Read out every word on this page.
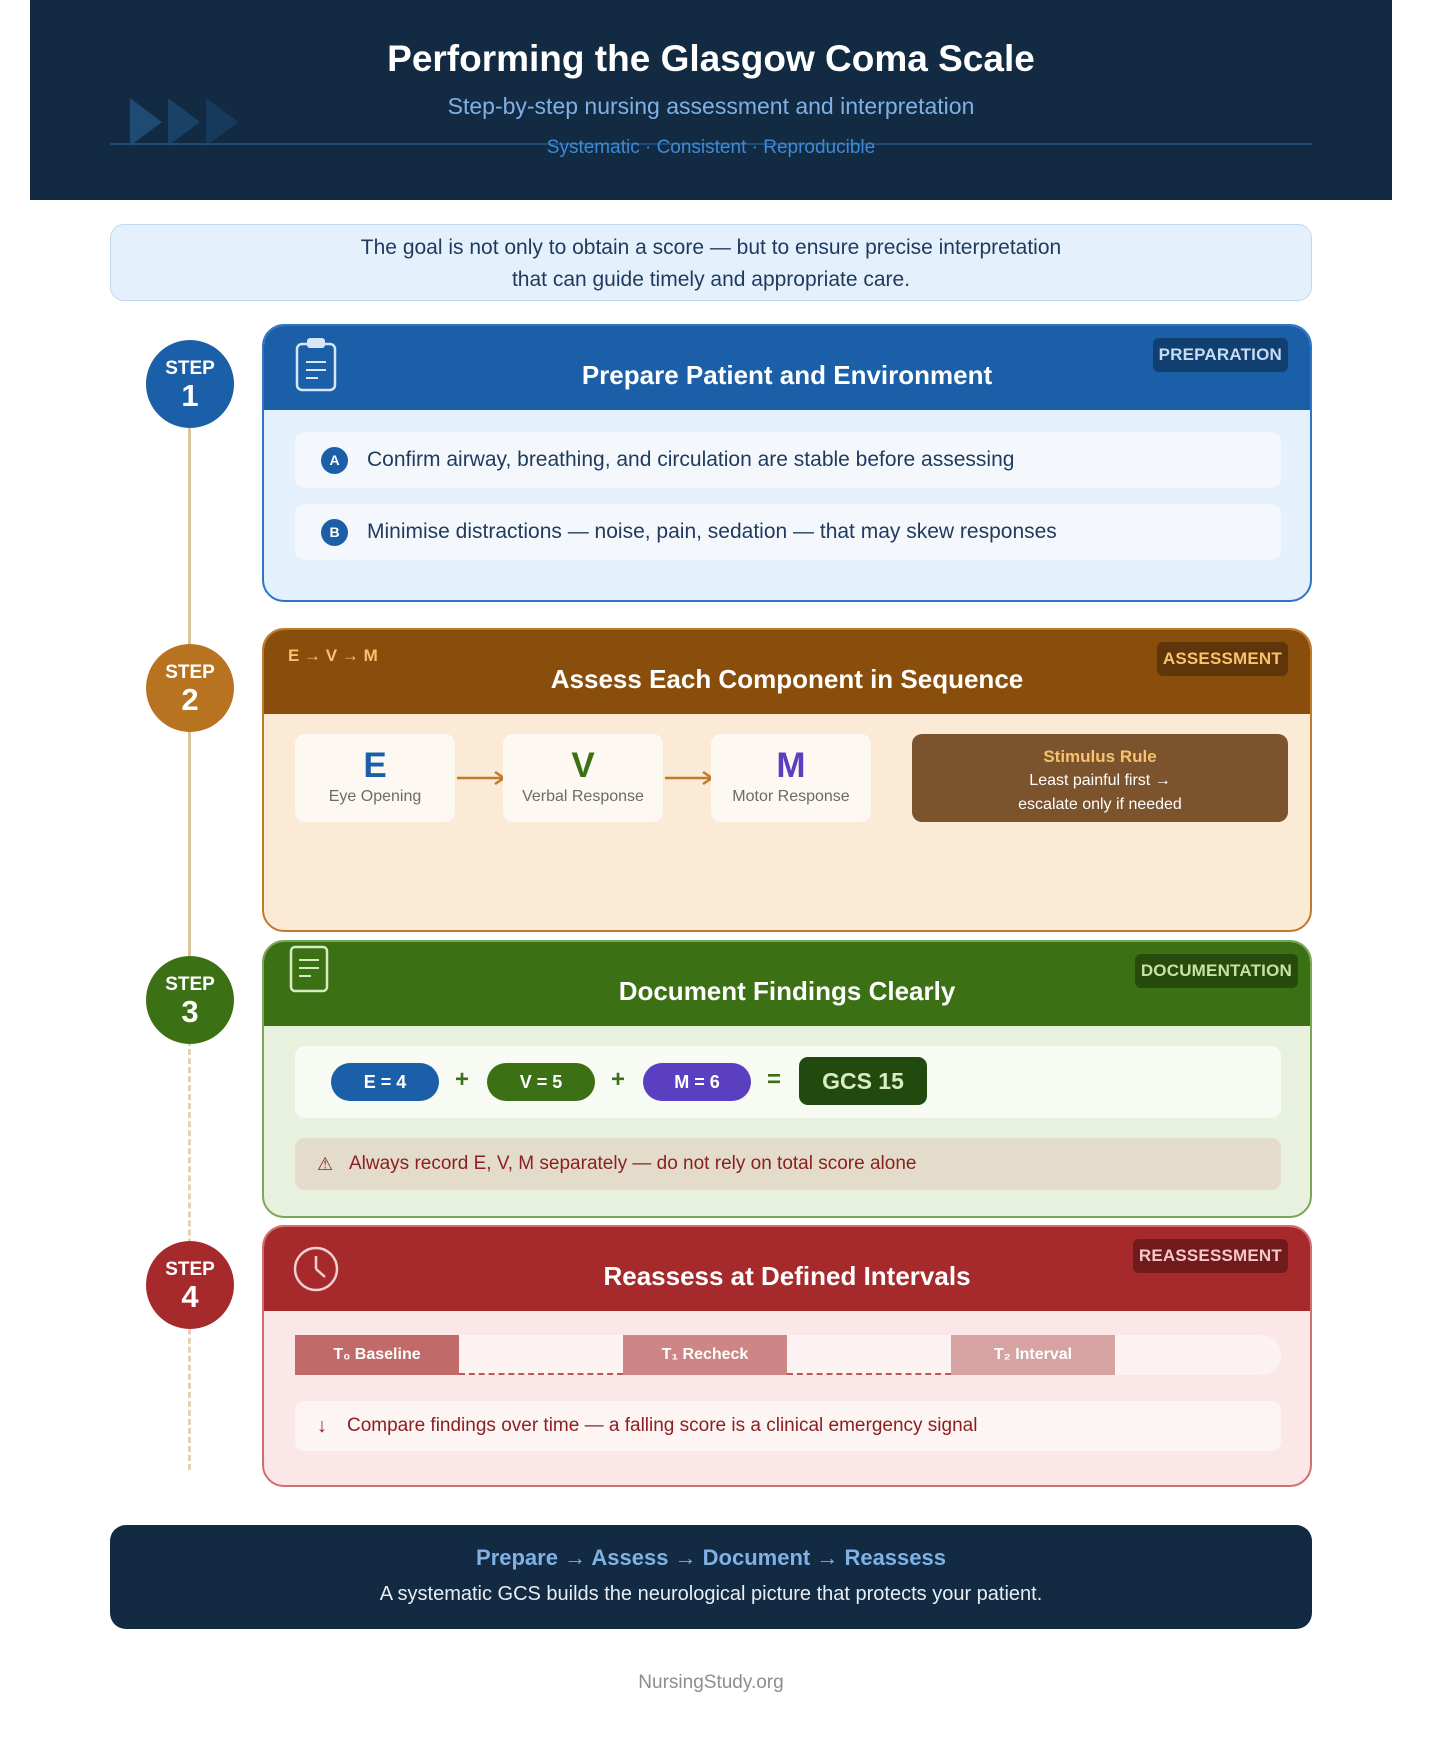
Performing the Glasgow Coma Scale
Step-by-step nursing assessment and interpretation
Systematic · Consistent · Reproducible
The goal is not only to obtain a score — but to ensure precise interpretation
that can guide timely and appropriate care.
STEP
1
STEP
2
STEP
3
STEP
4
Prepare Patient and Environment
PREPARATION
A	Confirm airway, breathing, and circulation are stable before assessing
B	Minimise distractions — noise, pain, sedation — that may skew responses
E → V → M
Assess Each Component in Sequence
ASSESSMENT
E
Eye Opening
V
Verbal Response
M
Motor Response
Stimulus Rule
Least painful first →
escalate only if needed
Document Findings Clearly
DOCUMENTATION
E = 4	+	V = 5	+	M = 6	=	GCS 15
⚠ Always record E, V, M separately — do not rely on total score alone
Reassess at Defined Intervals
REASSESSMENT
T₀ Baseline	T₁ Recheck	T₂ Interval
↓ Compare findings over time — a falling score is a clinical emergency signal
Prepare → Assess → Document → Reassess
A systematic GCS builds the neurological picture that protects your patient.
NursingStudy.org
